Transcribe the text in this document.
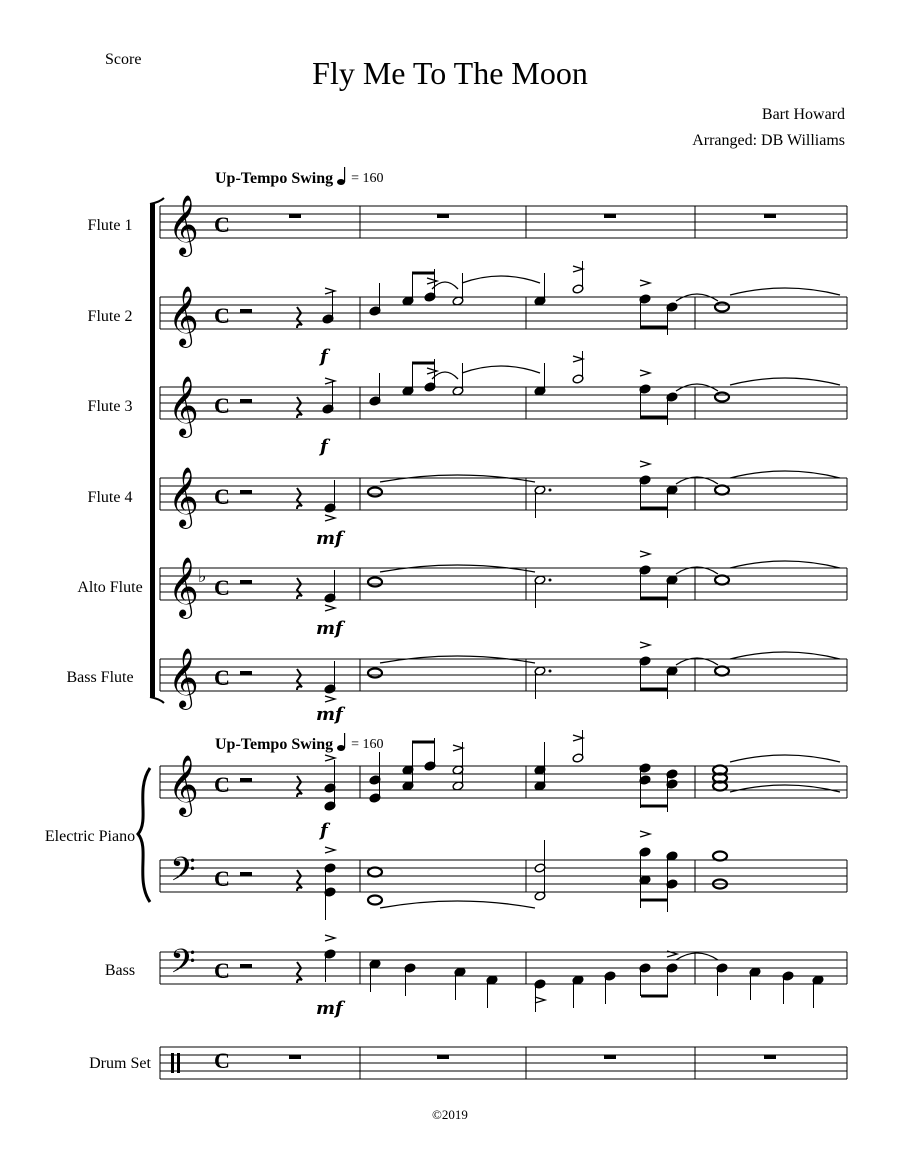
Score	Fly Me To The Moon
Bart Howard
Arranged: DB Williams
Up-Tempo Swing = 160
Up-Tempo Swing = 160
Flute 1
Flute 2
Flute 3
Flute 4
Alto Flute
Bass Flute
Electric Piano
Bass
Drum Set
C
C
C
C
C
C
C
C
C
C
f
f
mf
mf
mf
f
mf
𝄞
𝄞
𝄞
𝄞
𝄞
𝄞
𝄞
𝄢
𝄢
♭
©2019
